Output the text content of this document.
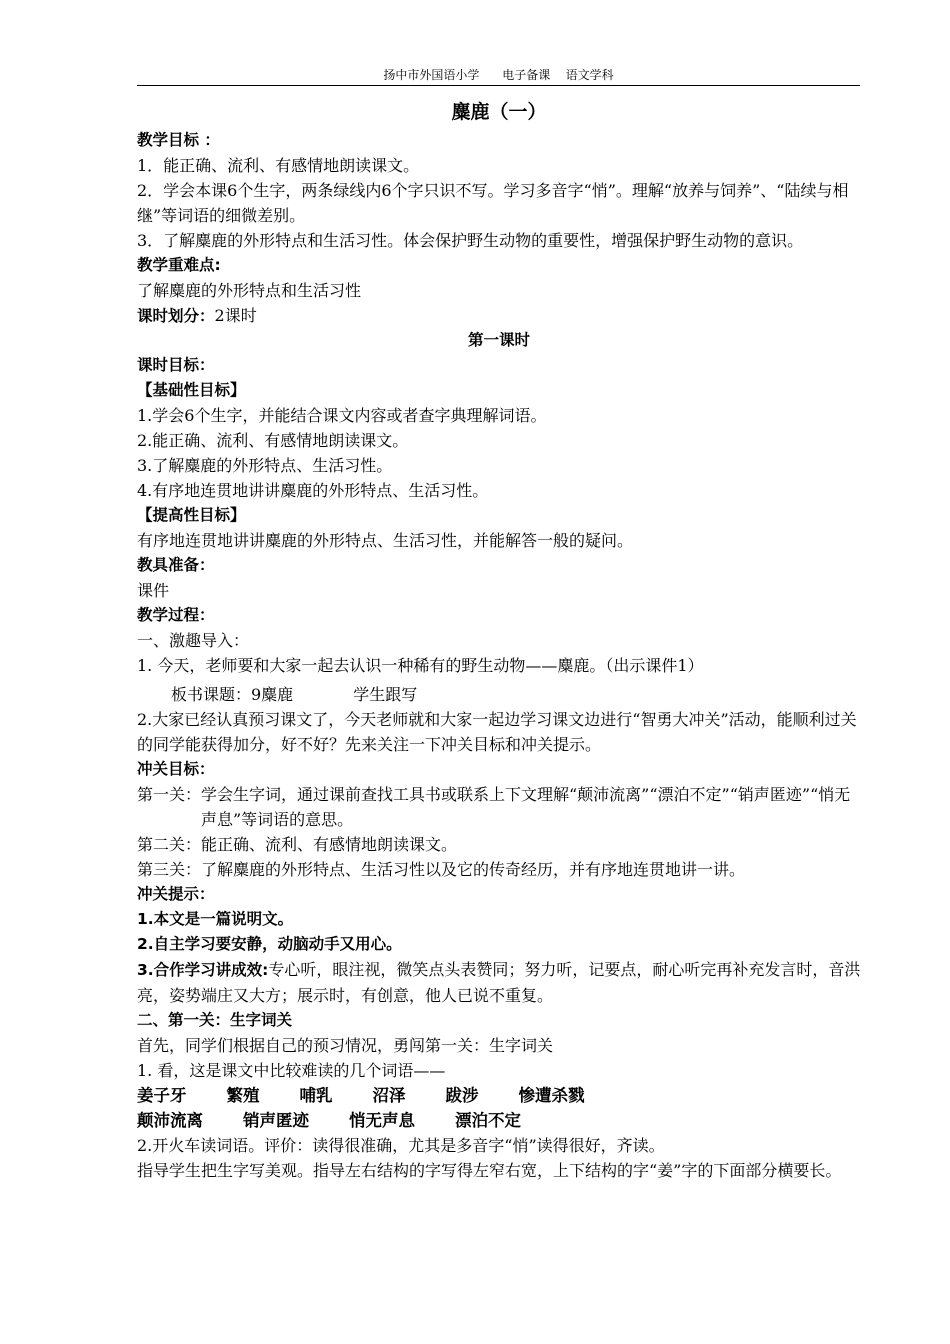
扬中市外国语小学 电子备课 语文学科
麋鹿（一）
教学目标 ：
1．能正确、流利、有感情地朗读课文。
2．学会本课6个生字，两条绿线内6个字只识不写。学习多音字“悄”。理解“放养与饲养”、“陆续与相继”等词语的细微差别。
3．了解麋鹿的外形特点和生活习性。体会保护野生动物的重要性，增强保护野生动物的意识。
教学重难点:
了解麋鹿的外形特点和生活习性
课时划分：2课时
第一课时
课时目标：
【基础性目标】
1.学会6个生字，并能结合课文内容或者查字典理解词语。
2.能正确、流利、有感情地朗读课文。
3.了解麋鹿的外形特点、生活习性。
4.有序地连贯地讲讲麋鹿的外形特点、生活习性。
【提高性目标】
有序地连贯地讲讲麋鹿的外形特点、生活习性，并能解答一般的疑问。
教具准备：
课件
教学过程：
一、激趣导入：
1. 今天，老师要和大家一起去认识一种稀有的野生动物——麋鹿。（出示课件1）
板书课题：9麋鹿	学生跟写
2.大家已经认真预习课文了，今天老师就和大家一起边学习课文边进行“智勇大冲关”活动，能顺利过关的同学能获得加分，好不好？先来关注一下冲关目标和冲关提示。
冲关目标：
第一关：学会生字词，通过课前查找工具书或联系上下文理解“颠沛流离”“漂泊不定”“销声匿迹”“悄无声息”等词语的意思。
第二关：能正确、流利、有感情地朗读课文。
第三关：了解麋鹿的外形特点、生活习性以及它的传奇经历，并有序地连贯地讲一讲。
冲关提示：
1.本文是一篇说明文。
2.自主学习要安静，动脑动手又用心。
3.合作学习讲成效:专心听，眼注视，微笑点头表赞同；努力听，记要点，耐心听完再补充发言时，音洪亮，姿势端庄又大方；展示时，有创意，他人已说不重复。
二、第一关：生字词关
首先，同学们根据自己的预习情况，勇闯第一关：生字词关
1. 看，这是课文中比较难读的几个词语——
姜子牙 繁殖 哺乳 沼泽 跋涉 惨遭杀戮
颠沛流离 销声匿迹 悄无声息 漂泊不定
2.开火车读词语。评价：读得很准确，尤其是多音字“悄”读得很好，齐读。
指导学生把生字写美观。指导左右结构的字写得左窄右宽，上下结构的字“姜”字的下面部分横要长。
